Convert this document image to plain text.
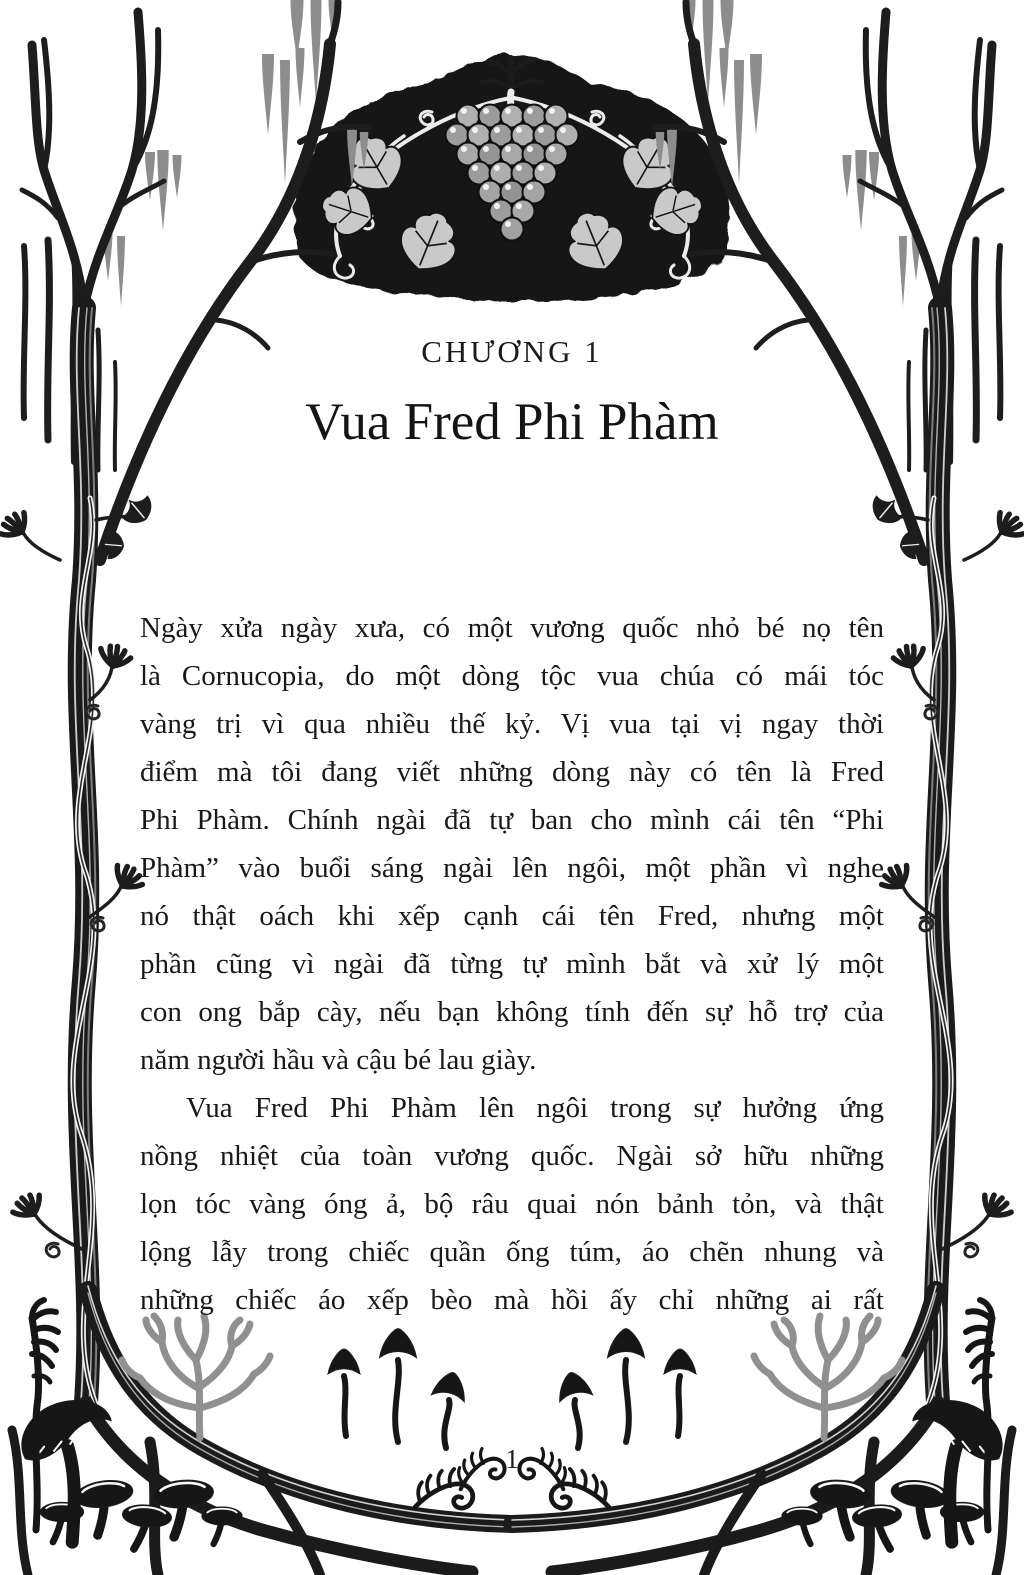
CHƯƠNG 1
Vua Fred Phi Phàm
Ngày xửa ngày xưa, có một vương quốc nhỏ bé nọ tên
là Cornucopia, do một dòng tộc vua chúa có mái tóc
vàng trị vì qua nhiều thế kỷ. Vị vua tại vị ngay thời
điểm mà tôi đang viết những dòng này có tên là Fred
Phi Phàm. Chính ngài đã tự ban cho mình cái tên “Phi
Phàm” vào buổi sáng ngài lên ngôi, một phần vì nghe
nó thật oách khi xếp cạnh cái tên Fred, nhưng một
phần cũng vì ngài đã từng tự mình bắt và xử lý một
con ong bắp cày, nếu bạn không tính đến sự hỗ trợ của
năm người hầu và cậu bé lau giày.
Vua Fred Phi Phàm lên ngôi trong sự hưởng ứng
nồng nhiệt của toàn vương quốc. Ngài sở hữu những
lọn tóc vàng óng ả, bộ râu quai nón bảnh tỏn, và thật
lộng lẫy trong chiếc quần ống túm, áo chẽn nhung và
những chiếc áo xếp bèo mà hồi ấy chỉ những ai rất
1
